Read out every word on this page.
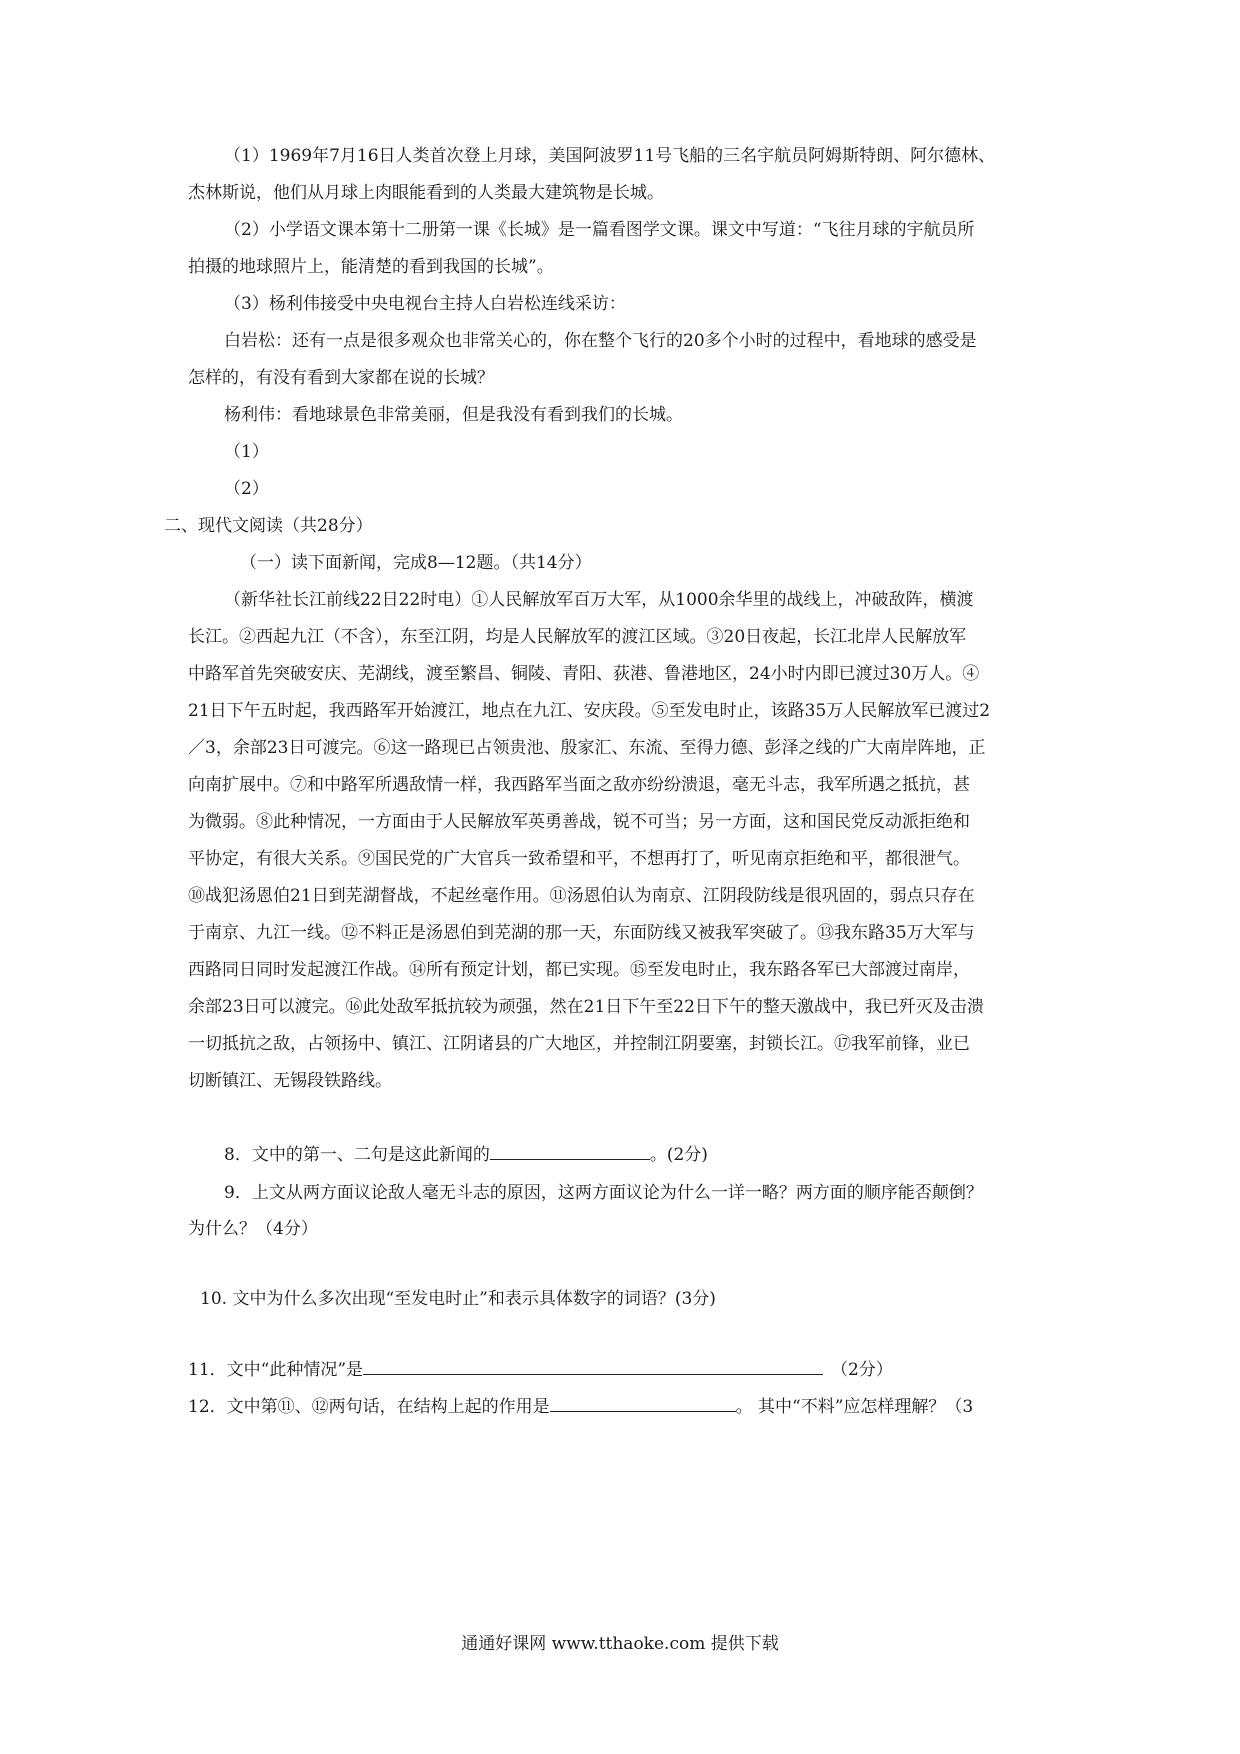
（1）1969年7月16日人类首次登上月球，美国阿波罗11号飞船的三名宇航员阿姆斯特朗、阿尔德林、
杰林斯说，他们从月球上肉眼能看到的人类最大建筑物是长城。
（2）小学语文课本第十二册第一课《长城》是一篇看图学文课。课文中写道：“飞往月球的宇航员所
拍摄的地球照片上，能清楚的看到我国的长城”。
（3）杨利伟接受中央电视台主持人白岩松连线采访：
白岩松：还有一点是很多观众也非常关心的，你在整个飞行的20多个小时的过程中，看地球的感受是
怎样的，有没有看到大家都在说的长城？
杨利伟：看地球景色非常美丽，但是我没有看到我们的长城。
（1）
（2）
二、现代文阅读（共28分）
（一）读下面新闻，完成8—12题。（共14分）
（新华社长江前线22日22时电）①人民解放军百万大军，从1000余华里的战线上，冲破敌阵，横渡
长江。②西起九江（不含），东至江阴，均是人民解放军的渡江区域。③20日夜起，长江北岸人民解放军
中路军首先突破安庆、芜湖线，渡至繁昌、铜陵、青阳、荻港、鲁港地区，24小时内即已渡过30万人。④
21日下午五时起，我西路军开始渡江，地点在九江、安庆段。⑤至发电时止，该路35万人民解放军已渡过2
／3，余部23日可渡完。⑥这一路现已占领贵池、殷家汇、东流、至得力德、彭泽之线的广大南岸阵地，正
向南扩展中。⑦和中路军所遇敌情一样，我西路军当面之敌亦纷纷溃退，毫无斗志，我军所遇之抵抗，甚
为微弱。⑧此种情况，一方面由于人民解放军英勇善战，锐不可当；另一方面，这和国民党反动派拒绝和
平协定，有很大关系。⑨国民党的广大官兵一致希望和平，不想再打了，听见南京拒绝和平，都很泄气。
⑩战犯汤恩伯21日到芜湖督战，不起丝毫作用。⑪汤恩伯认为南京、江阴段防线是很巩固的，弱点只存在
于南京、九江一线。⑫不料正是汤恩伯到芜湖的那一天，东面防线又被我军突破了。⑬我东路35万大军与
西路同日同时发起渡江作战。⑭所有预定计划，都已实现。⑮至发电时止，我东路各军已大部渡过南岸，
余部23日可以渡完。⑯此处敌军抵抗较为顽强，然在21日下午至22日下午的整天激战中，我已歼灭及击溃
一切抵抗之敌，占领扬中、镇江、江阴诸县的广大地区，并控制江阴要塞，封锁长江。⑰我军前锋，业已
切断镇江、无锡段铁路线。
8．文中的第一、二句是这此新闻的	。(2分)
9．上文从两方面议论敌人毫无斗志的原因，这两方面议论为什么一详一略？两方面的顺序能否颠倒？
为什么？（4分）
10. 文中为什么多次出现“至发电时止”和表示具体数字的词语？(3分)
11．文中“此种情况”是	（2分）
12．文中第⑪、⑫两句话，在结构上起的作用是	。 其中“不料”应怎样理解？（3
通通好课网 www.tthaoke.com 提供下载
